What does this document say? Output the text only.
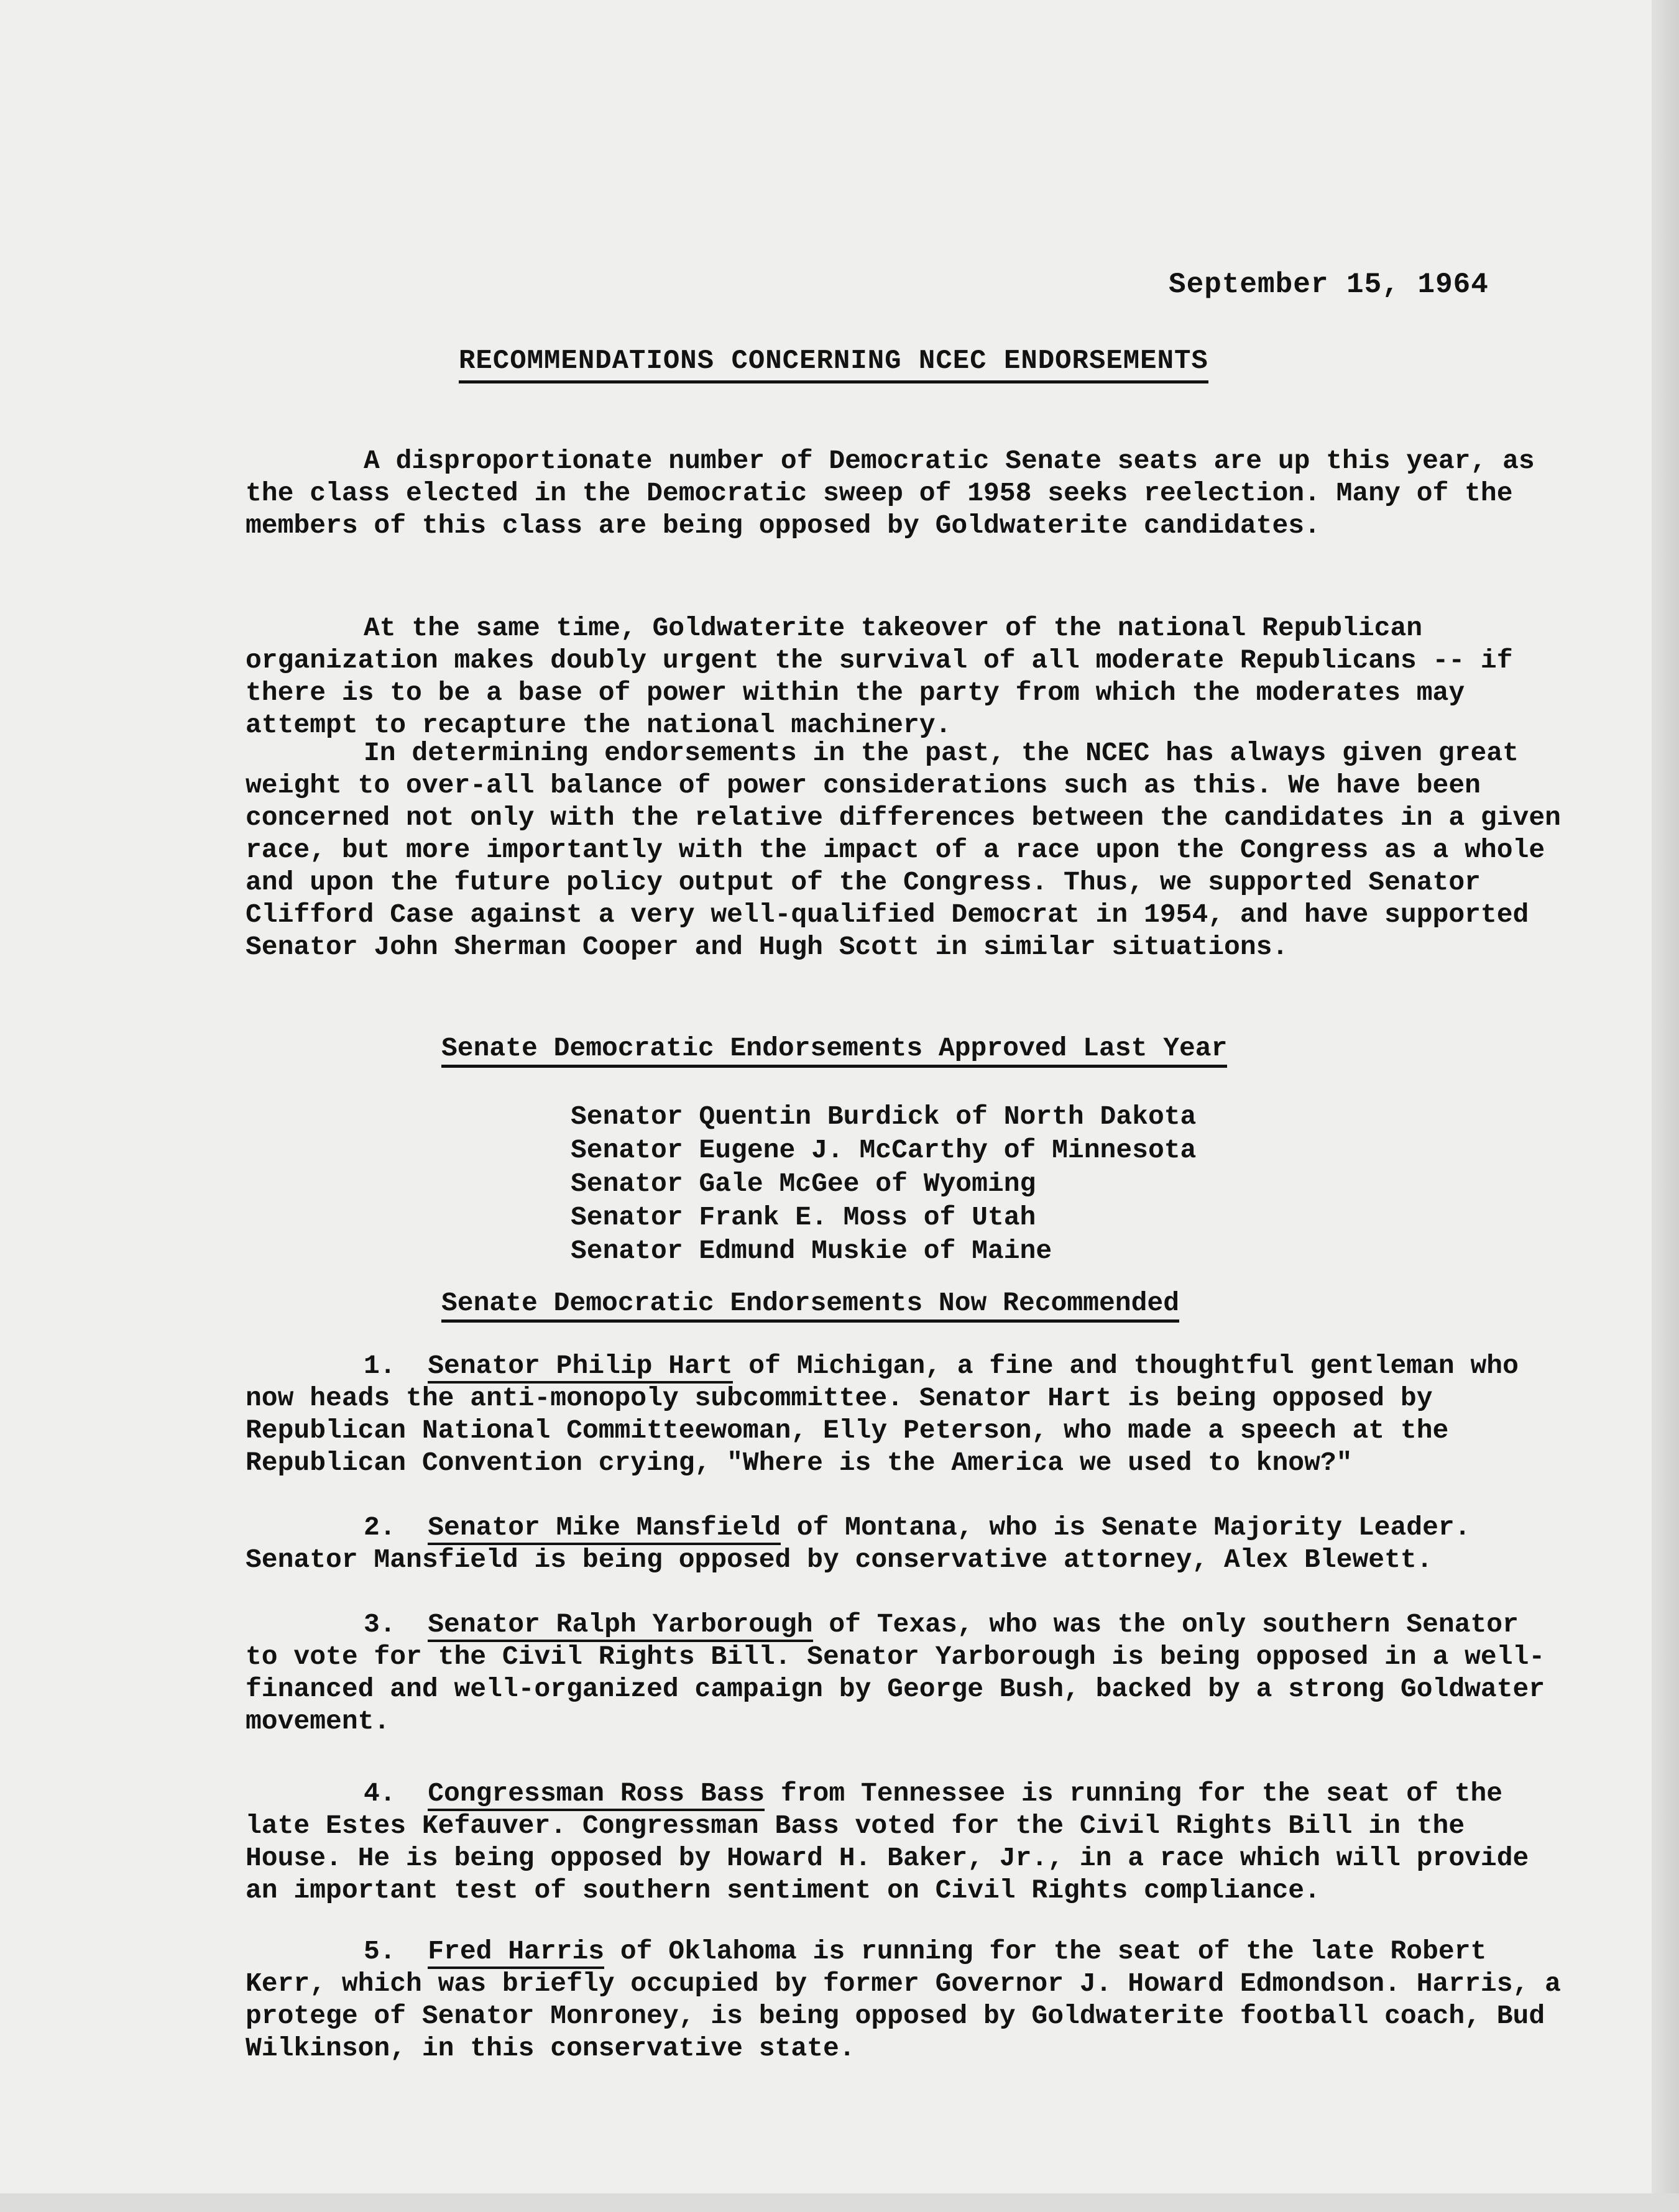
September 15, 1964
RECOMMENDATIONS CONCERNING NCEC ENDORSEMENTS

A disproportionate number of Democratic Senate seats are up this year, as the class elected in the Democratic sweep of 1958 seeks reelection. Many of the members of this class are being opposed by Goldwaterite candidates.

At the same time, Goldwaterite takeover of the national Republican organization makes doubly urgent the survival of all moderate Republicans -- if there is to be a base of power within the party from which the moderates may attempt to recapture the national machinery.

In determining endorsements in the past, the NCEC has always given great weight to over-all balance of power considerations such as this. We have been concerned not only with the relative differences between the candidates in a given race, but more importantly with the impact of a race upon the Congress as a whole and upon the future policy output of the Congress. Thus, we supported Senator Clifford Case against a very well-qualified Democrat in 1954, and have supported Senator John Sherman Cooper and Hugh Scott in similar situations.

Senate Democratic Endorsements Approved Last Year
Senator Quentin Burdick of North Dakota
Senator Eugene J. McCarthy of Minnesota
Senator Gale McGee of Wyoming
Senator Frank E. Moss of Utah
Senator Edmund Muskie of Maine
Senate Democratic Endorsements Now Recommended

1. Senator Philip Hart of Michigan, a fine and thoughtful gentleman who now heads the anti-monopoly subcommittee. Senator Hart is being opposed by Republican National Committeewoman, Elly Peterson, who made a speech at the Republican Convention crying, "Where is the America we used to know?"

2. Senator Mike Mansfield of Montana, who is Senate Majority Leader. Senator Mansfield is being opposed by conservative attorney, Alex Blewett.

3. Senator Ralph Yarborough of Texas, who was the only southern Senator to vote for the Civil Rights Bill. Senator Yarborough is being opposed in a well-financed and well-organized campaign by George Bush, backed by a strong Goldwater movement.

4. Congressman Ross Bass from Tennessee is running for the seat of the late Estes Kefauver. Congressman Bass voted for the Civil Rights Bill in the House. He is being opposed by Howard H. Baker, Jr., in a race which will provide an important test of southern sentiment on Civil Rights compliance.

5. Fred Harris of Oklahoma is running for the seat of the late Robert Kerr, which was briefly occupied by former Governor J. Howard Edmondson. Harris, a protege of Senator Monroney, is being opposed by Goldwaterite football coach, Bud Wilkinson, in this conservative state.
